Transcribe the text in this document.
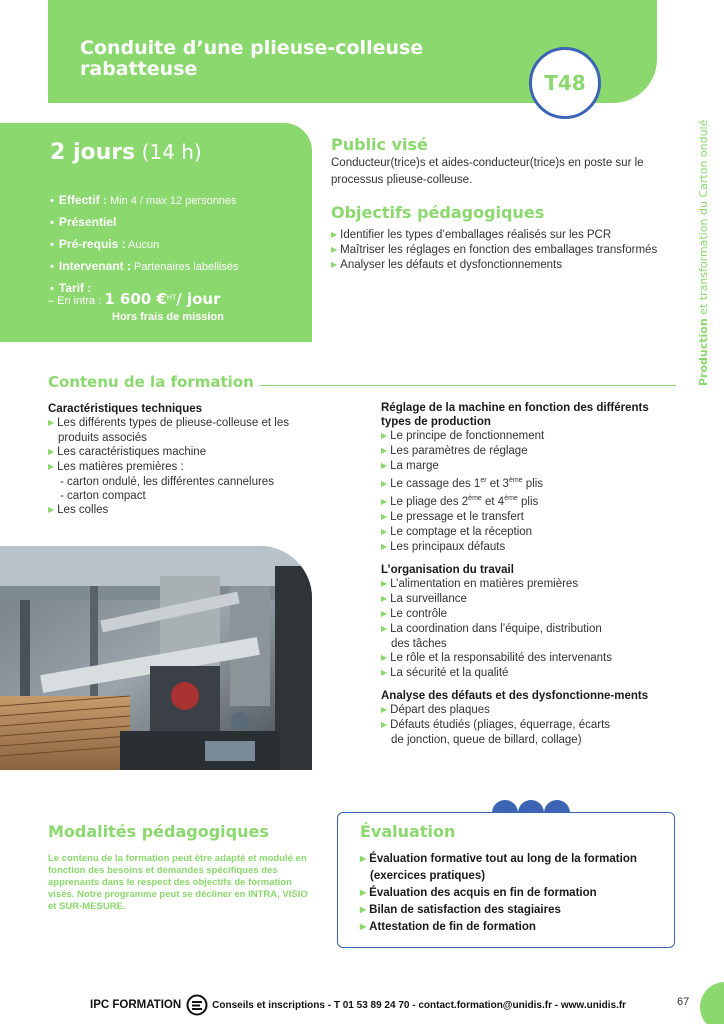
Conduite d’une plieuse-colleuse rabatteuse
T48
Production et transformation du Carton ondulé
2 jours (14 h)
• Effectif : Min 4 / max 12 personnes
• Présentiel
• Pré-requis : Aucun
• Intervenant : Partenaires labellisés
• Tarif :
– En intra : 1 600 €$^{HT}$/ jour
Hors frais de mission
Public visé
Conducteur(trice)s et aides-conducteur(trice)s en poste sur le processus plieuse-colleuse.
Objectifs pédagogiques
▶ Identifier les types d’emballages réalisés sur les PCR
▶ Maîtriser les réglages en fonction des emballages transformés
▶ Analyser les défauts et dysfonctionnements
Contenu de la formation
Caractéristiques techniques
▶ Les différents types de plieuse-colleuse et les
produits associés
▶ Les caractéristiques machine
▶ Les matières premières :
- carton ondulé, les différentes cannelures
- carton compact
▶ Les colles
Réglage de la machine en fonction des différents types de production
▶ Le principe de fonctionnement
▶ Les paramètres de réglage
▶ La marge
▶ Le cassage des 1er et 3ème plis
▶ Le pliage des 2ème et 4ème plis
▶ Le pressage et le transfert
▶ Le comptage et la réception
▶ Les principaux défauts
L’organisation du travail
▶ L’alimentation en matières premières
▶ La surveillance
▶ Le contrôle
▶ La coordination dans l’équipe, distribution
des tâches
▶ Le rôle et la responsabilité des intervenants
▶ La sécurité et la qualité
Analyse des défauts et des dysfonctionne-ments
▶ Départ des plaques
▶ Défauts étudiés (pliages, équerrage, écarts
de jonction, queue de billard, collage)
Modalités pédagogiques
Le contenu de la formation peut être adapté et modulé en fonction des besoins et demandes spécifiques des apprenants dans le respect des objectifs de formation visés. Notre programme peut se décliner en INTRA, VISIO et SUR-MESURE.
Évaluation
▶ Évaluation formative tout au long de la formation
(exercices pratiques)
▶ Évaluation des acquis en fin de formation
▶ Bilan de satisfaction des stagiaires
▶ Attestation de fin de formation
IPC FORMATION	Conseils et inscriptions - T 01 53 89 24 70 - contact.formation@unidis.fr - www.unidis.fr	67
